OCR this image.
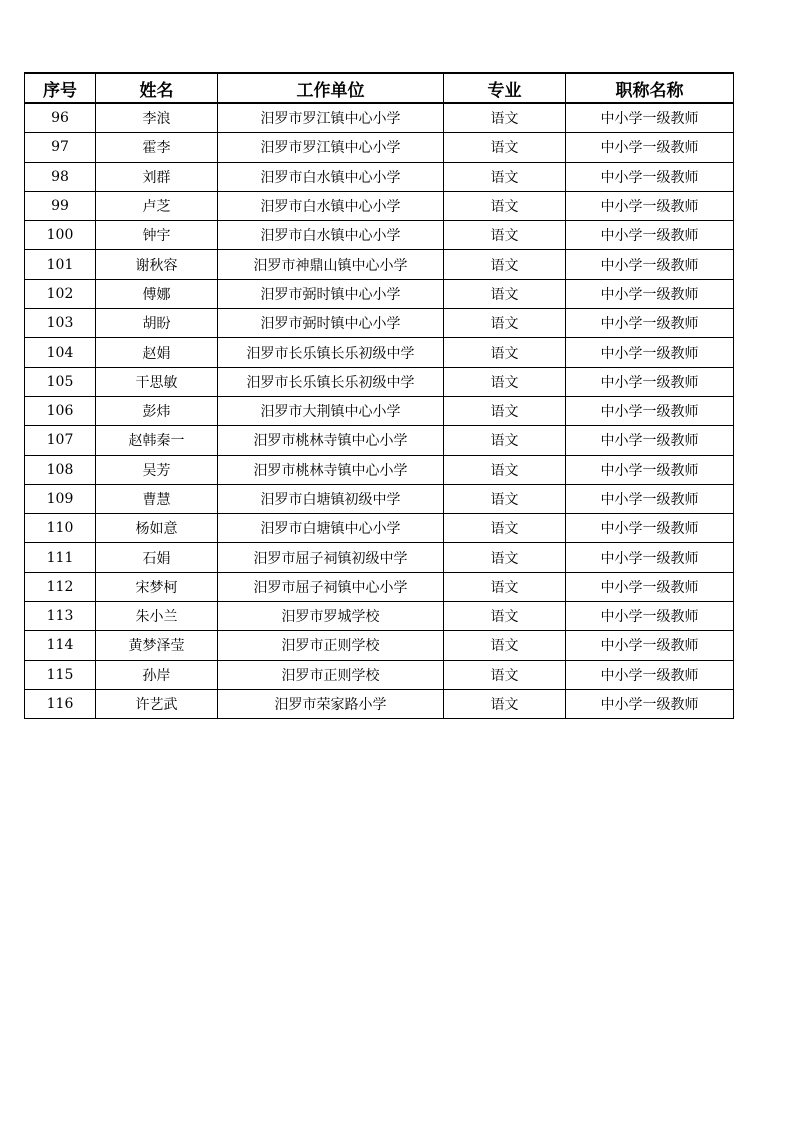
序号	姓名	工作单位	专业	职称名称
96	李浪	汨罗市罗江镇中心小学	语文	中小学一级教师
97	霍李	汨罗市罗江镇中心小学	语文	中小学一级教师
98	刘群	汨罗市白水镇中心小学	语文	中小学一级教师
99	卢芝	汨罗市白水镇中心小学	语文	中小学一级教师
100	钟宇	汨罗市白水镇中心小学	语文	中小学一级教师
101	谢秋容	汨罗市神鼎山镇中心小学	语文	中小学一级教师
102	傅娜	汨罗市弼时镇中心小学	语文	中小学一级教师
103	胡盼	汨罗市弼时镇中心小学	语文	中小学一级教师
104	赵娟	汨罗市长乐镇长乐初级中学	语文	中小学一级教师
105	干思敏	汨罗市长乐镇长乐初级中学	语文	中小学一级教师
106	彭炜	汨罗市大荆镇中心小学	语文	中小学一级教师
107	赵韩秦一	汨罗市桃林寺镇中心小学	语文	中小学一级教师
108	吴芳	汨罗市桃林寺镇中心小学	语文	中小学一级教师
109	曹慧	汨罗市白塘镇初级中学	语文	中小学一级教师
110	杨如意	汨罗市白塘镇中心小学	语文	中小学一级教师
111	石娟	汨罗市屈子祠镇初级中学	语文	中小学一级教师
112	宋梦柯	汨罗市屈子祠镇中心小学	语文	中小学一级教师
113	朱小兰	汨罗市罗城学校	语文	中小学一级教师
114	黄梦泽莹	汨罗市正则学校	语文	中小学一级教师
115	孙岸	汨罗市正则学校	语文	中小学一级教师
116	许艺武	汨罗市荣家路小学	语文	中小学一级教师
